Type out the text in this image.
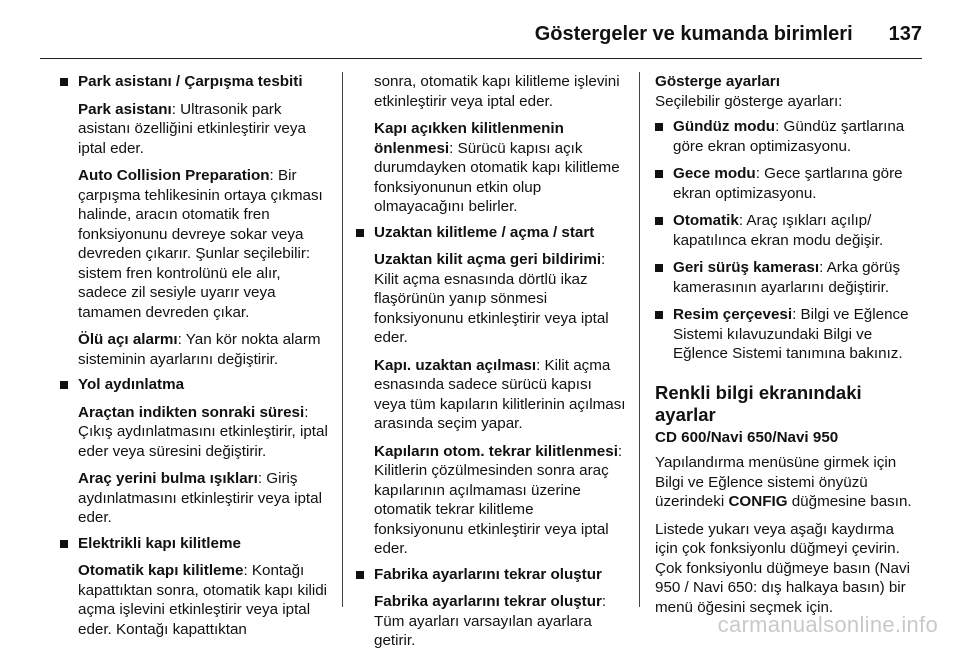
Göstergeler ve kumanda birimleri 137
Park asistanı / Çarpışma tesbiti
Park asistanı: Ultrasonik park asistanı özelliğini etkinleştirir veya iptal eder.
Auto Collision Preparation: Bir çarpışma tehlikesinin ortaya çıkması halinde, aracın otomatik fren fonksiyonunu devreye sokar veya devreden çıkarır. Şunlar seçilebilir: sistem fren kontrolünü ele alır, sadece zil sesiyle uyarır veya tamamen devreden çıkar.
Ölü açı alarmı: Yan kör nokta alarm sisteminin ayarlarını değiştirir.
Yol aydınlatma
Araçtan indikten sonraki süresi: Çıkış aydınlatmasını etkinleştirir, iptal eder veya süresini değiştirir.
Araç yerini bulma ışıkları: Giriş aydınlatmasını etkinleştirir veya iptal eder.
Elektrikli kapı kilitleme
Otomatik kapı kilitleme: Kontağı kapattıktan sonra, otomatik kapı kilidi açma işlevini etkinleştirir veya iptal eder. Kontağı kapattıktan
sonra, otomatik kapı kilitleme işlevini etkinleştirir veya iptal eder.
Kapı açıkken kilitlenmenin önlenmesi: Sürücü kapısı açık durumdayken otomatik kapı kilitleme fonksiyonunun etkin olup olmayacağını belirler.
Uzaktan kilitleme / açma / start
Uzaktan kilit açma geri bildirimi: Kilit açma esnasında dörtlü ikaz flaşörünün yanıp sönmesi fonksiyonunu etkinleştirir veya iptal eder.
Kapı. uzaktan açılması: Kilit açma esnasında sadece sürücü kapısı veya tüm kapıların kilitlerinin açılması arasında seçim yapar.
Kapıların otom. tekrar kilitlenmesi: Kilitlerin çözülmesinden sonra araç kapılarının açılmaması üzerine otomatik tekrar kilitleme fonksiyonunu etkinleştirir veya iptal eder.
Fabrika ayarlarını tekrar oluştur
Fabrika ayarlarını tekrar oluştur: Tüm ayarları varsayılan ayarlara getirir.
Gösterge ayarları
Seçilebilir gösterge ayarları:
Gündüz modu: Gündüz şartlarına göre ekran optimizasyonu.
Gece modu: Gece şartlarına göre ekran optimizasyonu.
Otomatik: Araç ışıkları açılıp/ kapatılınca ekran modu değişir.
Geri sürüş kamerası: Arka görüş kamerasının ayarlarını değiştirir.
Resim çerçevesi: Bilgi ve Eğlence Sistemi kılavuzundaki Bilgi ve Eğlence Sistemi tanımına bakınız.
Renkli bilgi ekranındaki ayarlar
CD 600/Navi 650/Navi 950
Yapılandırma menüsüne girmek için Bilgi ve Eğlence sistemi önyüzü üzerindeki CONFIG düğmesine basın.
Listede yukarı veya aşağı kaydırma için çok fonksiyonlu düğmeyi çevirin. Çok fonksiyonlu düğmeye basın (Navi 950 / Navi 650: dış halkaya basın) bir menü öğesini seçmek için.
carmanualsonline.info
